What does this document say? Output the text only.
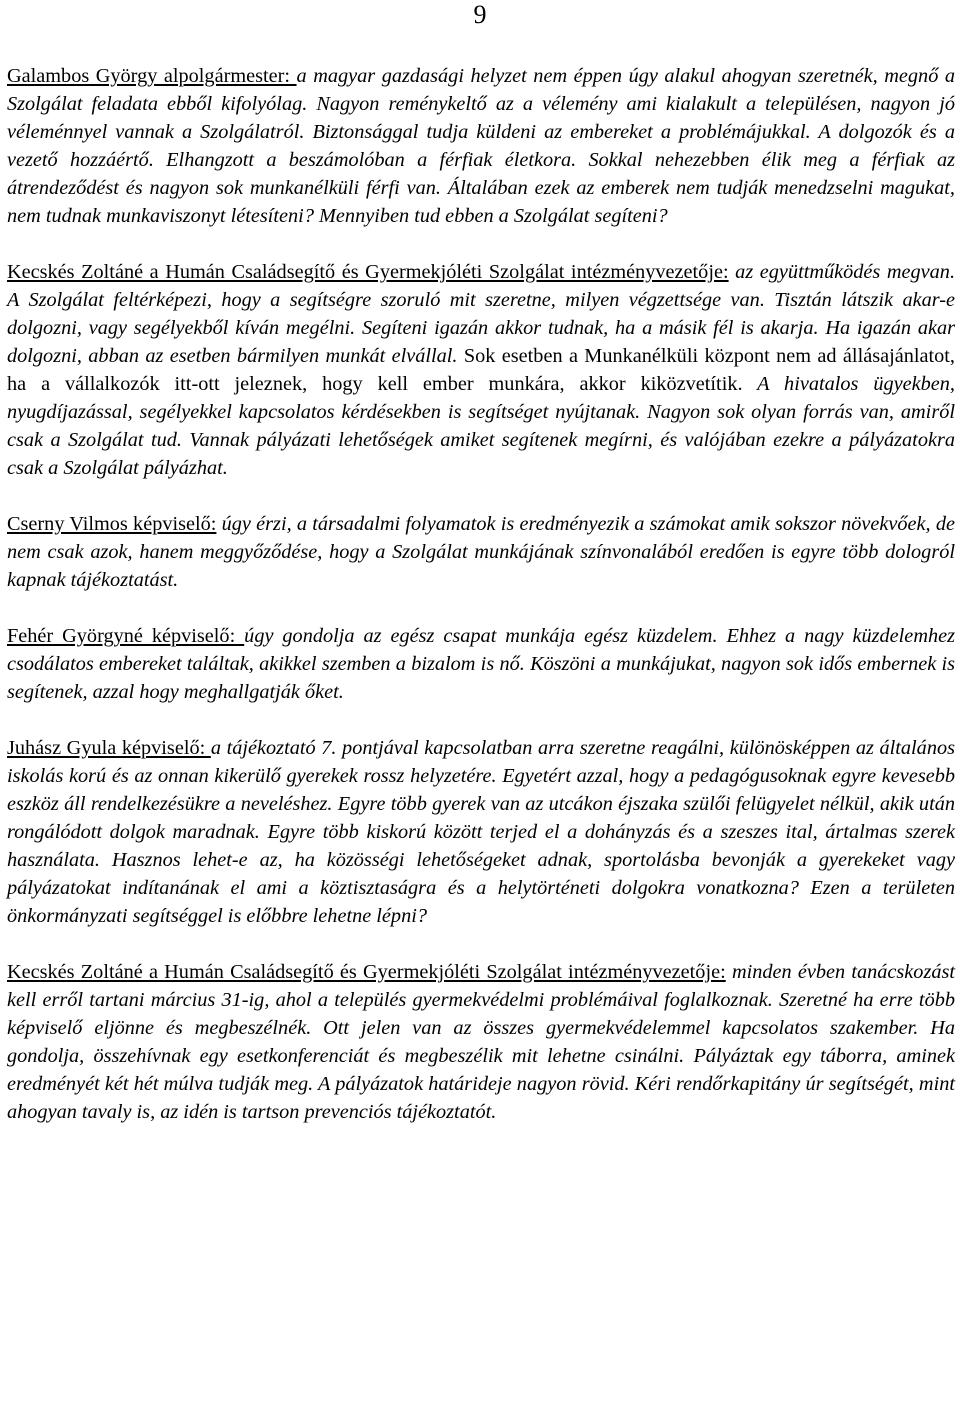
9

Galambos György alpolgármester: a magyar gazdasági helyzet nem éppen úgy alakul ahogyan szeretnék, megnő a Szolgálat feladata ebből kifolyólag. Nagyon reménykeltő az a vélemény ami kialakult a településen, nagyon jó véleménnyel vannak a Szolgálatról. Biztonsággal tudja küldeni az embereket a problémájukkal. A dolgozók és a vezető hozzáértő. Elhangzott a beszámolóban a férfiak életkora. Sokkal nehezebben élik meg a férfiak az átrendeződést és nagyon sok munkanélküli férfi van. Általában ezek az emberek nem tudják menedzselni magukat, nem tudnak munkaviszonyt létesíteni? Mennyiben tud ebben a Szolgálat segíteni?

Kecskés Zoltáné a Humán Családsegítő és Gyermekjóléti Szolgálat intézményvezetője: az együttműködés megvan. A Szolgálat feltérképezi, hogy a segítségre szoruló mit szeretne, milyen végzettsége van. Tisztán látszik akar-e dolgozni, vagy segélyekből kíván megélni. Segíteni igazán akkor tudnak, ha a másik fél is akarja. Ha igazán akar dolgozni, abban az esetben bármilyen munkát elvállal. Sok esetben a Munkanélküli központ nem ad állásajánlatot, ha a vállalkozók itt-ott jeleznek, hogy kell ember munkára, akkor kiközvetítik. A hivatalos ügyekben, nyugdíjazással, segélyekkel kapcsolatos kérdésekben is segítséget nyújtanak. Nagyon sok olyan forrás van, amiről csak a Szolgálat tud. Vannak pályázati lehetőségek amiket segítenek megírni, és valójában ezekre a pályázatokra csak a Szolgálat pályázhat.

Cserny Vilmos képviselő: úgy érzi, a társadalmi folyamatok is eredményezik a számokat amik sokszor növekvőek, de nem csak azok, hanem meggyőződése, hogy a Szolgálat munkájának színvonalából eredően is egyre több dologról kapnak tájékoztatást.

Fehér Györgyné képviselő: úgy gondolja az egész csapat munkája egész küzdelem. Ehhez a nagy küzdelemhez csodálatos embereket találtak, akikkel szemben a bizalom is nő. Köszöni a munkájukat, nagyon sok idős embernek is segítenek, azzal hogy meghallgatják őket.

Juhász Gyula képviselő: a tájékoztató 7. pontjával kapcsolatban arra szeretne reagálni, különösképpen az általános iskolás korú és az onnan kikerülő gyerekek rossz helyzetére. Egyetért azzal, hogy a pedagógusoknak egyre kevesebb eszköz áll rendelkezésükre a neveléshez. Egyre több gyerek van az utcákon éjszaka szülői felügyelet nélkül, akik után rongálódott dolgok maradnak. Egyre több kiskorú között terjed el a dohányzás és a szeszes ital, ártalmas szerek használata. Hasznos lehet-e az, ha közösségi lehetőségeket adnak, sportolásba bevonják a gyerekeket vagy pályázatokat indítanának el ami a köztisztaságra és a helytörténeti dolgokra vonatkozna? Ezen a területen önkormányzati segítséggel is előbbre lehetne lépni?

Kecskés Zoltáné a Humán Családsegítő és Gyermekjóléti Szolgálat intézményvezetője: minden évben tanácskozást kell erről tartani március 31-ig, ahol a település gyermekvédelmi problémáival foglalkoznak. Szeretné ha erre több képviselő eljönne és megbeszélnék. Ott jelen van az összes gyermekvédelemmel kapcsolatos szakember. Ha gondolja, összehívnak egy esetkonferenciát és megbeszélik mit lehetne csinálni. Pályáztak egy táborra, aminek eredményét két hét múlva tudják meg. A pályázatok határideje nagyon rövid. Kéri rendőrkapitány úr segítségét, mint ahogyan tavaly is, az idén is tartson prevenciós tájékoztatót.
